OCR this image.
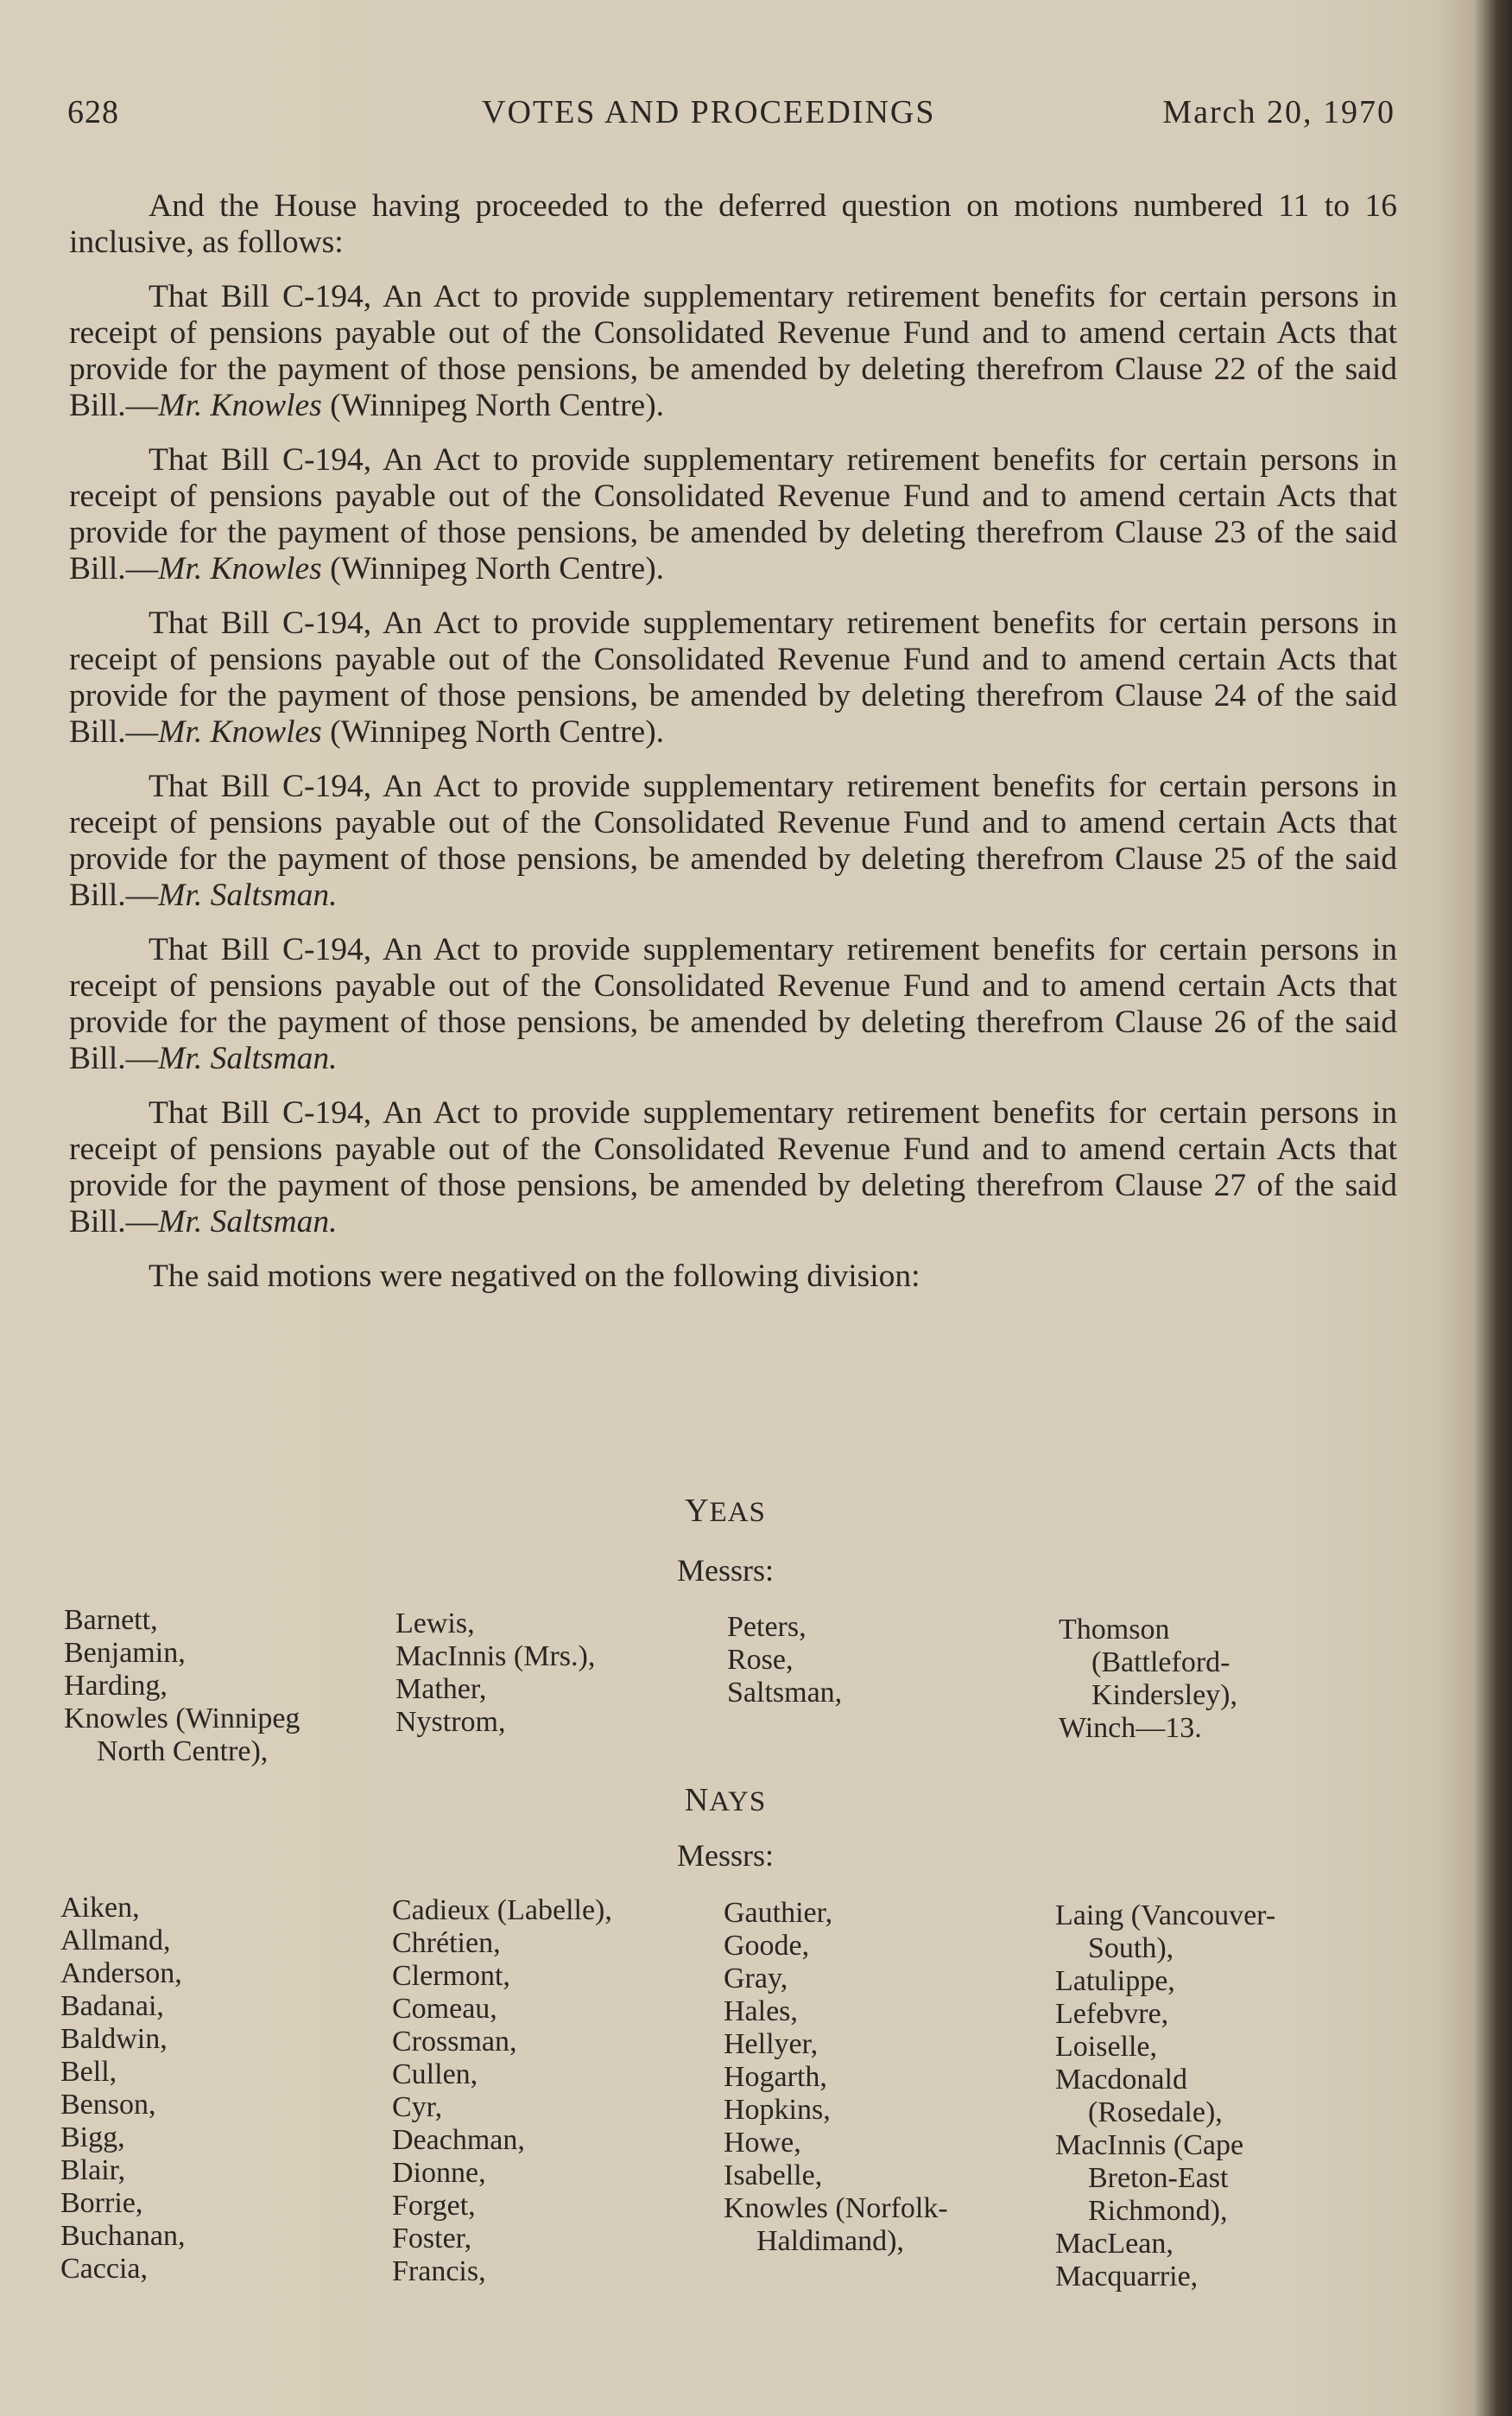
628	VOTES AND PROCEEDINGS	March 20, 1970

And the House having proceeded to the deferred question on motions numbered 11 to 16 inclusive, as follows:

That Bill C-194, An Act to provide supplementary retirement benefits for certain persons in receipt of pensions payable out of the Consolidated Revenue Fund and to amend certain Acts that provide for the payment of those pensions, be amended by deleting therefrom Clause 22 of the said Bill.—Mr. Knowles (Winnipeg North Centre).

That Bill C-194, An Act to provide supplementary retirement benefits for certain persons in receipt of pensions payable out of the Consolidated Revenue Fund and to amend certain Acts that provide for the payment of those pensions, be amended by deleting therefrom Clause 23 of the said Bill.—Mr. Knowles (Winnipeg North Centre).

That Bill C-194, An Act to provide supplementary retirement benefits for certain persons in receipt of pensions payable out of the Consolidated Revenue Fund and to amend certain Acts that provide for the payment of those pensions, be amended by deleting therefrom Clause 24 of the said Bill.—Mr. Knowles (Winnipeg North Centre).

That Bill C-194, An Act to provide supplementary retirement benefits for certain persons in receipt of pensions payable out of the Consolidated Revenue Fund and to amend certain Acts that provide for the payment of those pensions, be amended by deleting therefrom Clause 25 of the said Bill.—Mr. Saltsman.

That Bill C-194, An Act to provide supplementary retirement benefits for certain persons in receipt of pensions payable out of the Consolidated Revenue Fund and to amend certain Acts that provide for the payment of those pensions, be amended by deleting therefrom Clause 26 of the said Bill.—Mr. Saltsman.

That Bill C-194, An Act to provide supplementary retirement benefits for certain persons in receipt of pensions payable out of the Consolidated Revenue Fund and to amend certain Acts that provide for the payment of those pensions, be amended by deleting therefrom Clause 27 of the said Bill.—Mr. Saltsman.

The said motions were negatived on the following division:

YEAS
Messrs:
Barnett,
Benjamin,
Harding,
Knowles (Winnipeg
North Centre),
Lewis,
MacInnis (Mrs.),
Mather,
Nystrom,
Peters,
Rose,
Saltsman,
Thomson
(Battleford-
Kindersley),
Winch—13.
NAYS
Messrs:
Aiken,
Allmand,
Anderson,
Badanai,
Baldwin,
Bell,
Benson,
Bigg,
Blair,
Borrie,
Buchanan,
Caccia,
Cadieux (Labelle),
Chrétien,
Clermont,
Comeau,
Crossman,
Cullen,
Cyr,
Deachman,
Dionne,
Forget,
Foster,
Francis,
Gauthier,
Goode,
Gray,
Hales,
Hellyer,
Hogarth,
Hopkins,
Howe,
Isabelle,
Knowles (Norfolk-
Haldimand),
Laing (Vancouver-
South),
Latulippe,
Lefebvre,
Loiselle,
Macdonald
(Rosedale),
MacInnis (Cape
Breton-East
Richmond),
MacLean,
Macquarrie,
